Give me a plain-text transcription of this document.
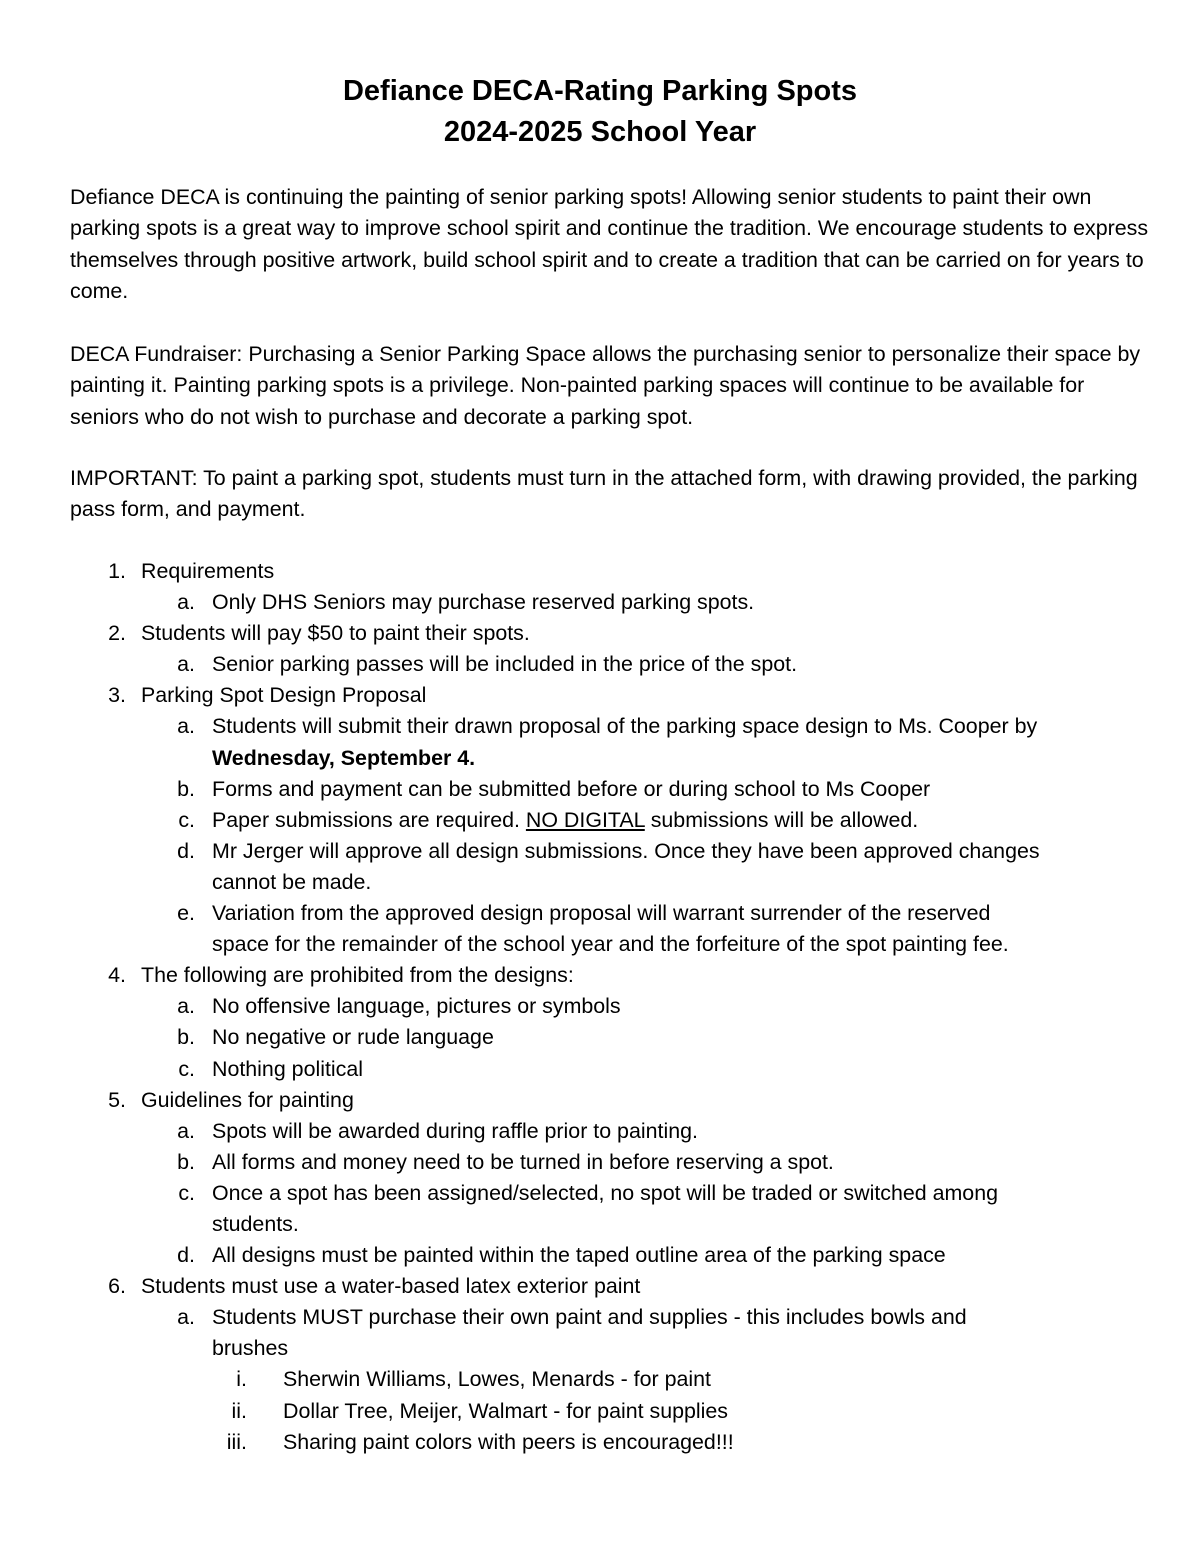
Defiance DECA-Rating Parking Spots
2024-2025 School Year

Defiance DECA is continuing the painting of senior parking spots! Allowing senior students to paint their own parking spots is a great way to improve school spirit and continue the tradition. We encourage students to express themselves through positive artwork, build school spirit and to create a tradition that can be carried on for years to come.

DECA Fundraiser: Purchasing a Senior Parking Space allows the purchasing senior to personalize their space by painting it. Painting parking spots is a privilege. Non-painted parking spaces will continue to be available for seniors who do not wish to purchase and decorate a parking spot.

IMPORTANT: To paint a parking spot, students must turn in the attached form, with drawing provided, the parking pass form, and payment.

1. Requirements
a. Only DHS Seniors may purchase reserved parking spots.
2. Students will pay $50 to paint their spots.
a. Senior parking passes will be included in the price of the spot.
3. Parking Spot Design Proposal
a. Students will submit their drawn proposal of the parking space design to Ms. Cooper by
Wednesday, September 4.
b. Forms and payment can be submitted before or during school to Ms Cooper
c. Paper submissions are required. NO DIGITAL submissions will be allowed.
d. Mr Jerger will approve all design submissions. Once they have been approved changes
cannot be made.
e. Variation from the approved design proposal will warrant surrender of the reserved
space for the remainder of the school year and the forfeiture of the spot painting fee.
4. The following are prohibited from the designs:
a. No offensive language, pictures or symbols
b. No negative or rude language
c. Nothing political
5. Guidelines for painting
a. Spots will be awarded during raffle prior to painting.
b. All forms and money need to be turned in before reserving a spot.
c. Once a spot has been assigned/selected, no spot will be traded or switched among
students.
d. All designs must be painted within the taped outline area of the parking space
6. Students must use a water-based latex exterior paint
a. Students MUST purchase their own paint and supplies - this includes bowls and
brushes
i. Sherwin Williams, Lowes, Menards - for paint
ii. Dollar Tree, Meijer, Walmart - for paint supplies
iii. Sharing paint colors with peers is encouraged!!!
